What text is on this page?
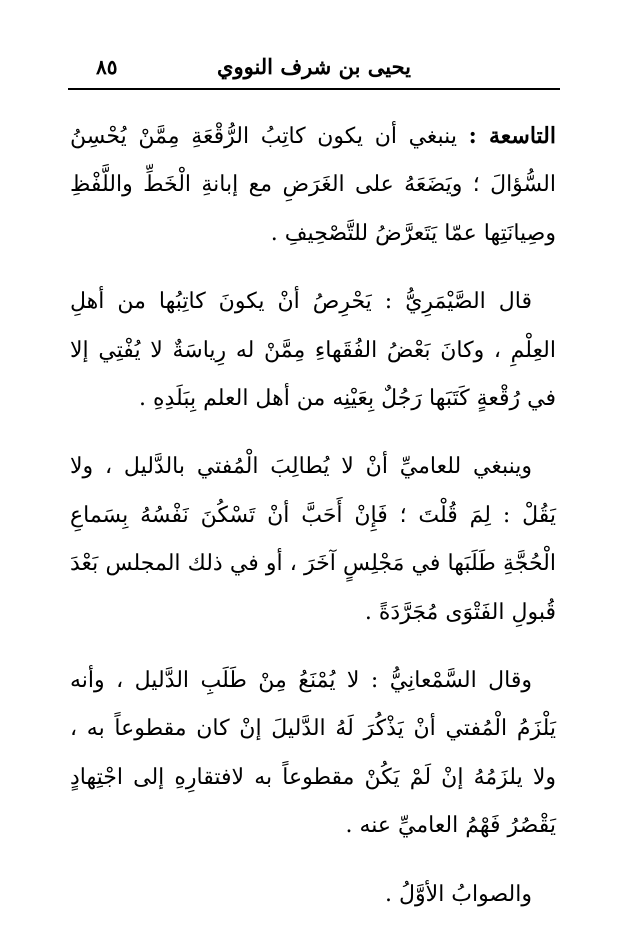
يحيى بن شرف النووي
٨٥

التاسعة : ينبغي أن يكون كاتِبُ الرُّقْعَةِ مِمَّنْ يُحْسِنُ السُّؤالَ ؛ ويَضَعَهُ على الغَرَضِ مع إبانةِ الْخَطِّ واللَّفْظِ وصِيانَتِها عمّا يَتَعرَّضُ للتَّصْحِيفِ .

قال الصَّيْمَرِيُّ : يَحْرِصُ أنْ يكونَ كاتِبُها من أهلِ العِلْمِ ، وكانَ بَعْضُ الفُقَهاءِ مِمَّنْ له رِياسَةٌ لا يُفْتِي إلا في رُقْعةٍ كَتَبَها رَجُلٌ بِعَيْنِه من أهل العلم بِبَلَدِهِ .

وينبغي للعاميِّ أنْ لا يُطالِبَ الْمُفتي بالدَّليل ، ولا يَقُلْ : لِمَ قُلْتَ ؛ فَإِنْ أَحَبَّ أنْ تَسْكُنَ نَفْسُهُ بِسَماعِ الْحُجَّةِ طَلَبَها في مَجْلِسٍ آخَرَ ، أو في ذلك المجلس بَعْدَ قُبولِ الفَتْوَى مُجَرَّدَةً .

وقال السَّمْعانِيُّ : لا يُمْنَعُ مِنْ طَلَبِ الدَّليل ، وأنه يَلْزَمُ الْمُفتي أنْ يَذْكُرَ لَهُ الدَّليلَ إنْ كان مقطوعاً به ، ولا يلزَمُهُ إنْ لَمْ يَكُنْ مقطوعاً به لافتقارِهِ إلى اجْتِهادٍ يَقْصُرُ فَهْمُ العاميِّ عنه .

والصوابُ الأوَّلُ .
